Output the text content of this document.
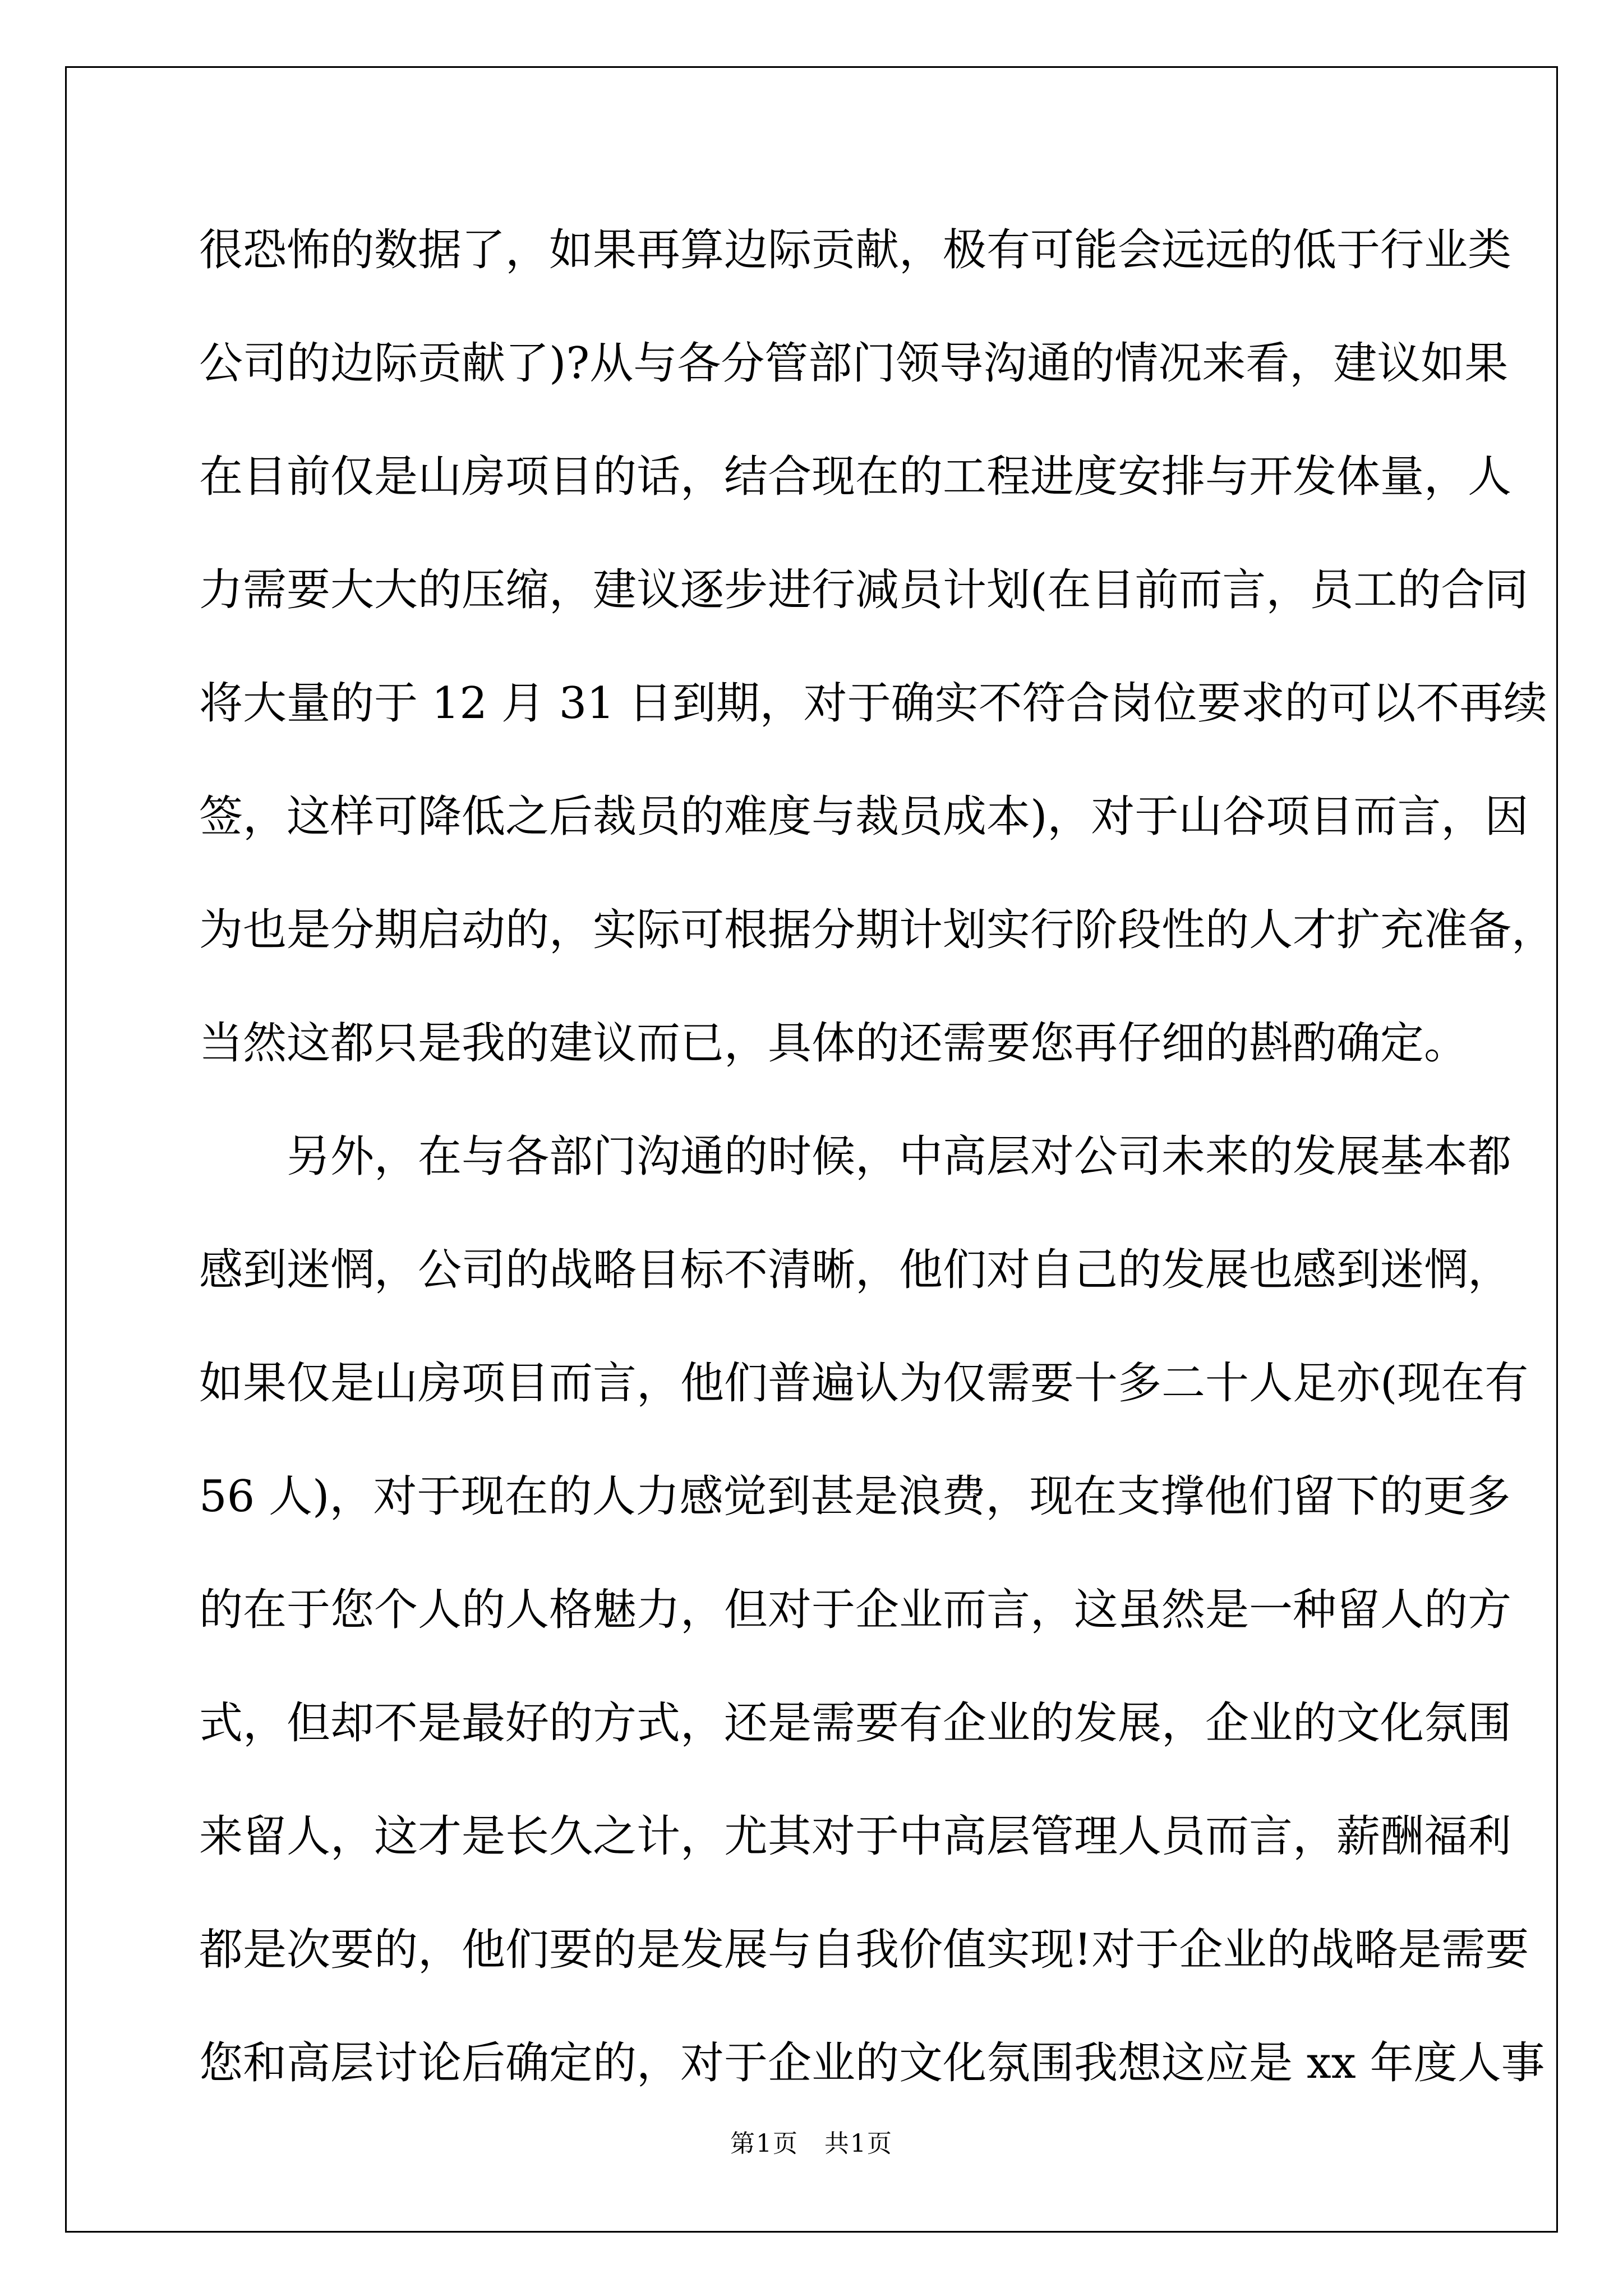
很恐怖的数据了，如果再算边际贡献，极有可能会远远的低于行业类
公司的边际贡献了)?从与各分管部门领导沟通的情况来看，建议如果
在目前仅是山房项目的话，结合现在的工程进度安排与开发体量，人
力需要大大的压缩，建议逐步进行减员计划(在目前而言，员工的合同
将大量的于 12 月 31 日到期，对于确实不符合岗位要求的可以不再续
签，这样可降低之后裁员的难度与裁员成本)，对于山谷项目而言，因
为也是分期启动的，实际可根据分期计划实行阶段性的人才扩充准备，
当然这都只是我的建议而已，具体的还需要您再仔细的斟酌确定。
另外，在与各部门沟通的时候，中高层对公司未来的发展基本都
感到迷惘，公司的战略目标不清晰，他们对自己的发展也感到迷惘，
如果仅是山房项目而言，他们普遍认为仅需要十多二十人足亦(现在有
56 人)，对于现在的人力感觉到甚是浪费，现在支撑他们留下的更多
的在于您个人的人格魅力，但对于企业而言，这虽然是一种留人的方
式，但却不是最好的方式，还是需要有企业的发展，企业的文化氛围
来留人，这才是长久之计，尤其对于中高层管理人员而言，薪酬福利
都是次要的，他们要的是发展与自我价值实现!对于企业的战略是需要
您和高层讨论后确定的，对于企业的文化氛围我想这应是 xx 年度人事
第1页　共1页
